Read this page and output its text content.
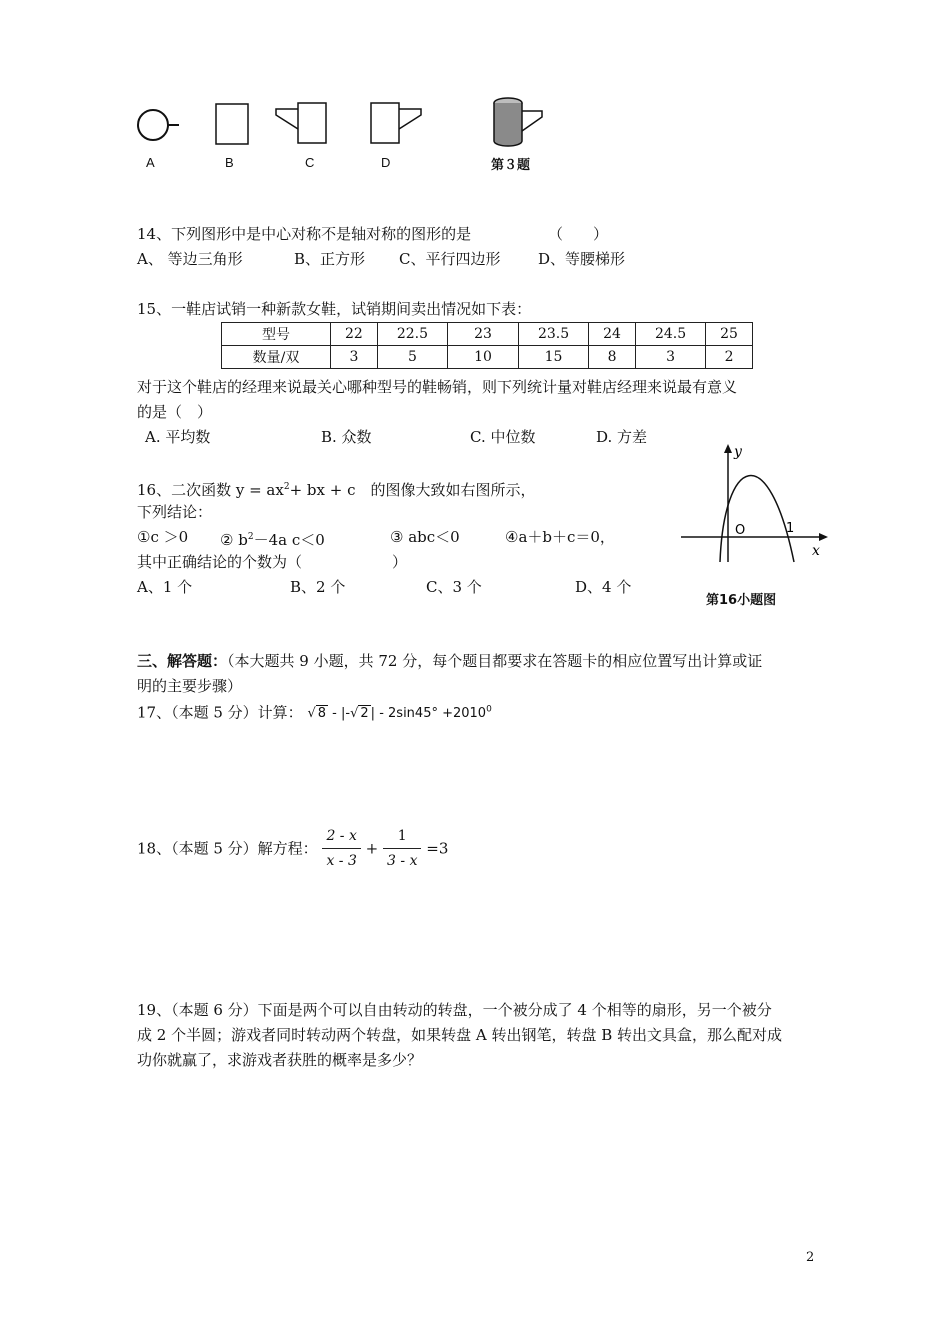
A	B	C	D	第３题
14、下列图形中是中心对称不是轴对称的图形的是	（　　）
A、 等边三角形	B、正方形 C、平行四边形	D、等腰梯形
15、一鞋店试销一种新款女鞋，试销期间卖出情况如下表：
型号	22	22.5	23	23.5	24	24.5	25
数量/双	3	5	10	15	8	3	2
对于这个鞋店的经理来说最关心哪种型号的鞋畅销，则下列统计量对鞋店经理来说最有意义
的是（　）
A. 平均数	B. 众数	C. 中位数	D. 方差
16、二次函数 $y = ax^2+$ bx + c　的图像大致如右图所示，
下列结论：
①c ＞0 ② $b^2-4a$ c＜0	③ abc＜0	④a＋b＋c＝0，
其中正确结论的个数为（　　　　　　）
A、1 个	B、2 个	C、3 个	D、4 个
y
x
O	1
第16小题图
三、解答题：（本大题共 9 小题，共 72 分，每个题目都要求在答题卡的相应位置写出计算或证
明的主要步骤）
17、（本题 5 分）计算： √ 8 - |-√ 2 | - $2\sin 45^\circ +2010^0$
18、（本题 5 分）解方程： $\frac{2 - x}{x - 3} + \frac{1}{3 - x} =3$
19、（本题 6 分）下面是两个可以自由转动的转盘，一个被分成了 4 个相等的扇形，另一个被分
成 2 个半圆；游戏者同时转动两个转盘，如果转盘 A 转出钢笔，转盘 B 转出文具盒，那么配对成
功你就赢了，求游戏者获胜的概率是多少？
2
